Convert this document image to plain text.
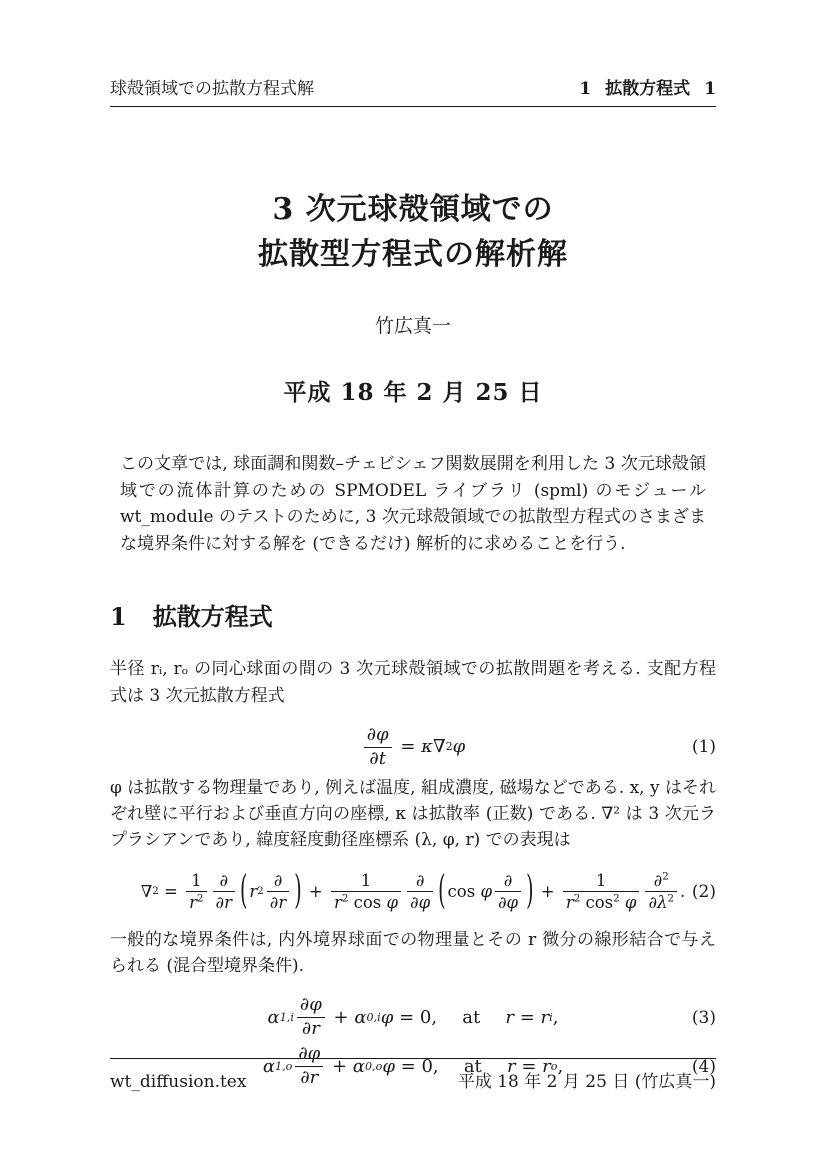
球殻領域での拡散方程式解	1 拡散方程式 1
3 次元球殻領域での
拡散型方程式の解析解
竹広真一
平成 18 年 2 月 25 日

この文章では, 球面調和関数–チェビシェフ関数展開を利用した 3 次元球殻領域での流体計算のための SPMODEL ライブラリ (spml) のモジュール wt_module のテストのために, 3 次元球殻領域での拡散型方程式のさまざまな境界条件に対する解を (できるだけ) 解析的に求めることを行う.

1 拡散方程式

半径 rᵢ, rₒ の同心球面の間の 3 次元球殻領域での拡散問題を考える. 支配方程式は 3 次元拡散方程式

$\frac{\partial\varphi}{\partial t} = \kappa$ ∇ 2 φ	(1)

φ は拡散する物理量であり, 例えば温度, 組成濃度, 磁場などである. x, y はそれぞれ壁に平行および垂直方向の座標, κ は拡散率 (正数) である. ∇² は 3 次元ラプラシアンであり, 緯度経度動径座標系 (λ, φ, r) での表現は

∇ $2 = \frac{1}{r^2} \frac{\partial}{\partial r}$ ( r $2 \frac{\partial}{\partial r}$ ) + $\frac{1}{r^2 \cos \varphi} \frac{\partial}{\partial\varphi}$ ( cos φ $\frac{\partial}{\partial\varphi}$ ) + $\frac{1}{r^2 \cos^2 \varphi} \frac{\partial^2}{\partial\lambda^2}$ . (2)

一般的な境界条件は, 内外境界球面での物理量とその r 微分の線形結合で与えられる (混合型境界条件).

α $1,i \frac{\partial\varphi}{\partial r} + \alpha$ 0,i φ = 0, at r = r i ,	(3)
α $1,o \frac{\partial\varphi}{\partial r} + \alpha$ 0,o φ = 0, at r = r o ,	(4)
wt_diffusion.tex	平成 18 年 2 月 25 日 (竹広真一)
